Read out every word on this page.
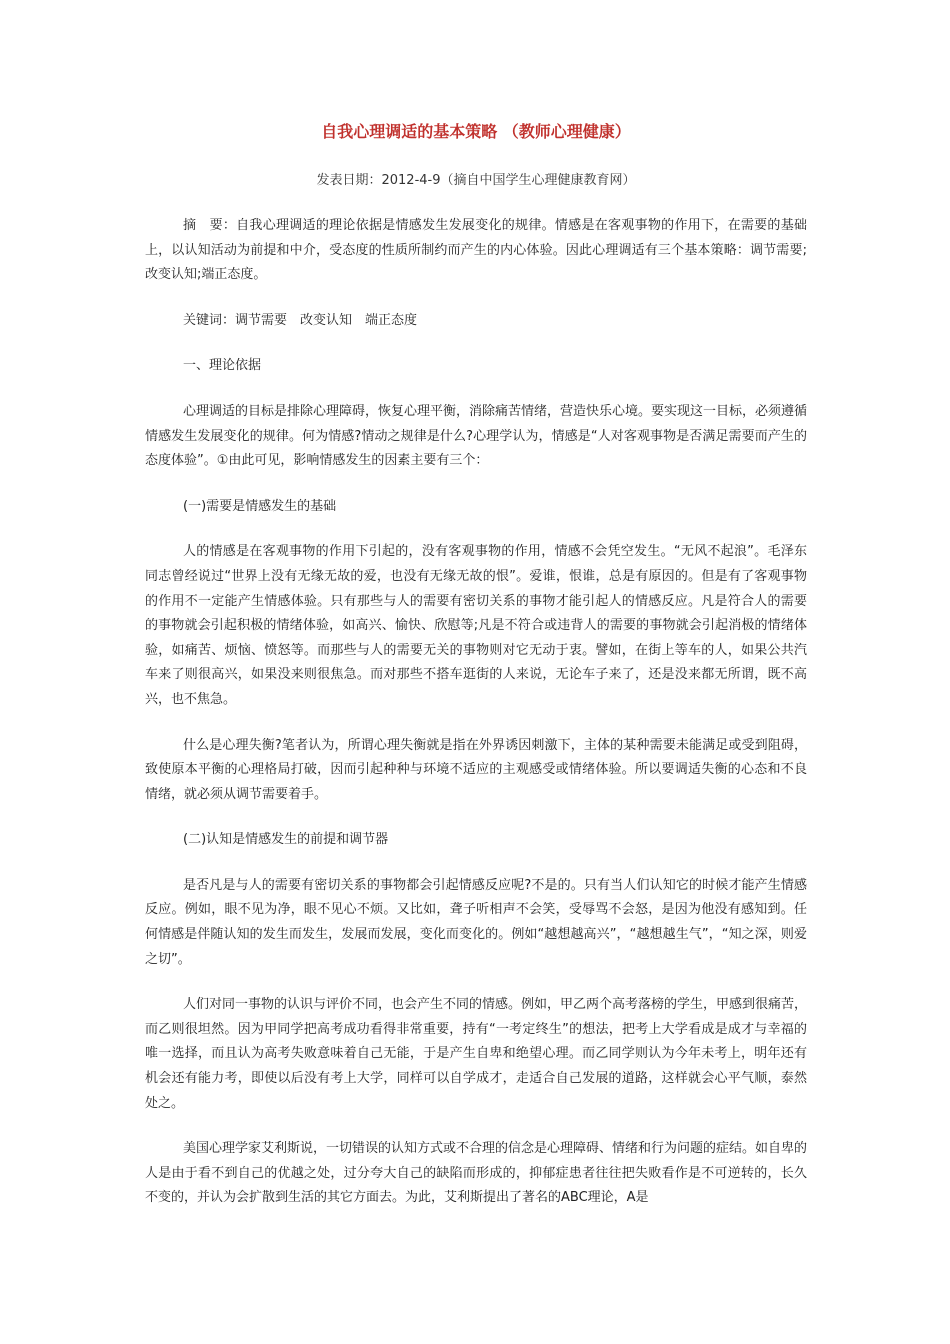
自我心理调适的基本策略 （教师心理健康）
发表日期：2012-4-9（摘自中国学生心理健康教育网）

摘　要：自我心理调适的理论依据是情感发生发展变化的规律。情感是在客观事物的作用下，在需要的基础上，以认知活动为前提和中介，受态度的性质所制约而产生的内心体验。因此心理调适有三个基本策略：调节需要;改变认知;端正态度。

关键词：调节需要　改变认知　端正态度

一、理论依据

心理调适的目标是排除心理障碍，恢复心理平衡，消除痛苦情绪，营造快乐心境。要实现这一目标，必须遵循情感发生发展变化的规律。何为情感?情动之规律是什么?心理学认为，情感是“人对客观事物是否满足需要而产生的态度体验”。①由此可见，影响情感发生的因素主要有三个：

(一)需要是情感发生的基础

人的情感是在客观事物的作用下引起的，没有客观事物的作用，情感不会凭空发生。“无风不起浪”。毛泽东同志曾经说过“世界上没有无缘无故的爱，也没有无缘无故的恨”。爱谁，恨谁，总是有原因的。但是有了客观事物的作用不一定能产生情感体验。只有那些与人的需要有密切关系的事物才能引起人的情感反应。凡是符合人的需要的事物就会引起积极的情绪体验，如高兴、愉快、欣慰等;凡是不符合或违背人的需要的事物就会引起消极的情绪体验，如痛苦、烦恼、愤怒等。而那些与人的需要无关的事物则对它无动于衷。譬如，在街上等车的人，如果公共汽车来了则很高兴，如果没来则很焦急。而对那些不搭车逛街的人来说，无论车子来了，还是没来都无所谓，既不高兴，也不焦急。

什么是心理失衡?笔者认为，所谓心理失衡就是指在外界诱因刺激下，主体的某种需要未能满足或受到阻碍，致使原本平衡的心理格局打破，因而引起种种与环境不适应的主观感受或情绪体验。所以要调适失衡的心态和不良情绪，就必须从调节需要着手。

(二)认知是情感发生的前提和调节器

是否凡是与人的需要有密切关系的事物都会引起情感反应呢?不是的。只有当人们认知它的时候才能产生情感反应。例如，眼不见为净，眼不见心不烦。又比如，聋子听相声不会笑，受辱骂不会怒，是因为他没有感知到。任何情感是伴随认知的发生而发生，发展而发展，变化而变化的。例如“越想越高兴”，“越想越生气”，“知之深，则爱之切”。

人们对同一事物的认识与评价不同，也会产生不同的情感。例如，甲乙两个高考落榜的学生，甲感到很痛苦，而乙则很坦然。因为甲同学把高考成功看得非常重要，持有“一考定终生”的想法，把考上大学看成是成才与幸福的唯一选择，而且认为高考失败意味着自己无能，于是产生自卑和绝望心理。而乙同学则认为今年未考上，明年还有机会还有能力考，即使以后没有考上大学，同样可以自学成才，走适合自己发展的道路，这样就会心平气顺，泰然处之。

美国心理学家艾利斯说，一切错误的认知方式或不合理的信念是心理障碍、情绪和行为问题的症结。如自卑的人是由于看不到自己的优越之处，过分夸大自己的缺陷而形成的，抑郁症患者往往把失败看作是不可逆转的，长久不变的，并认为会扩散到生活的其它方面去。为此，艾利斯提出了著名的ABC理论，A是
